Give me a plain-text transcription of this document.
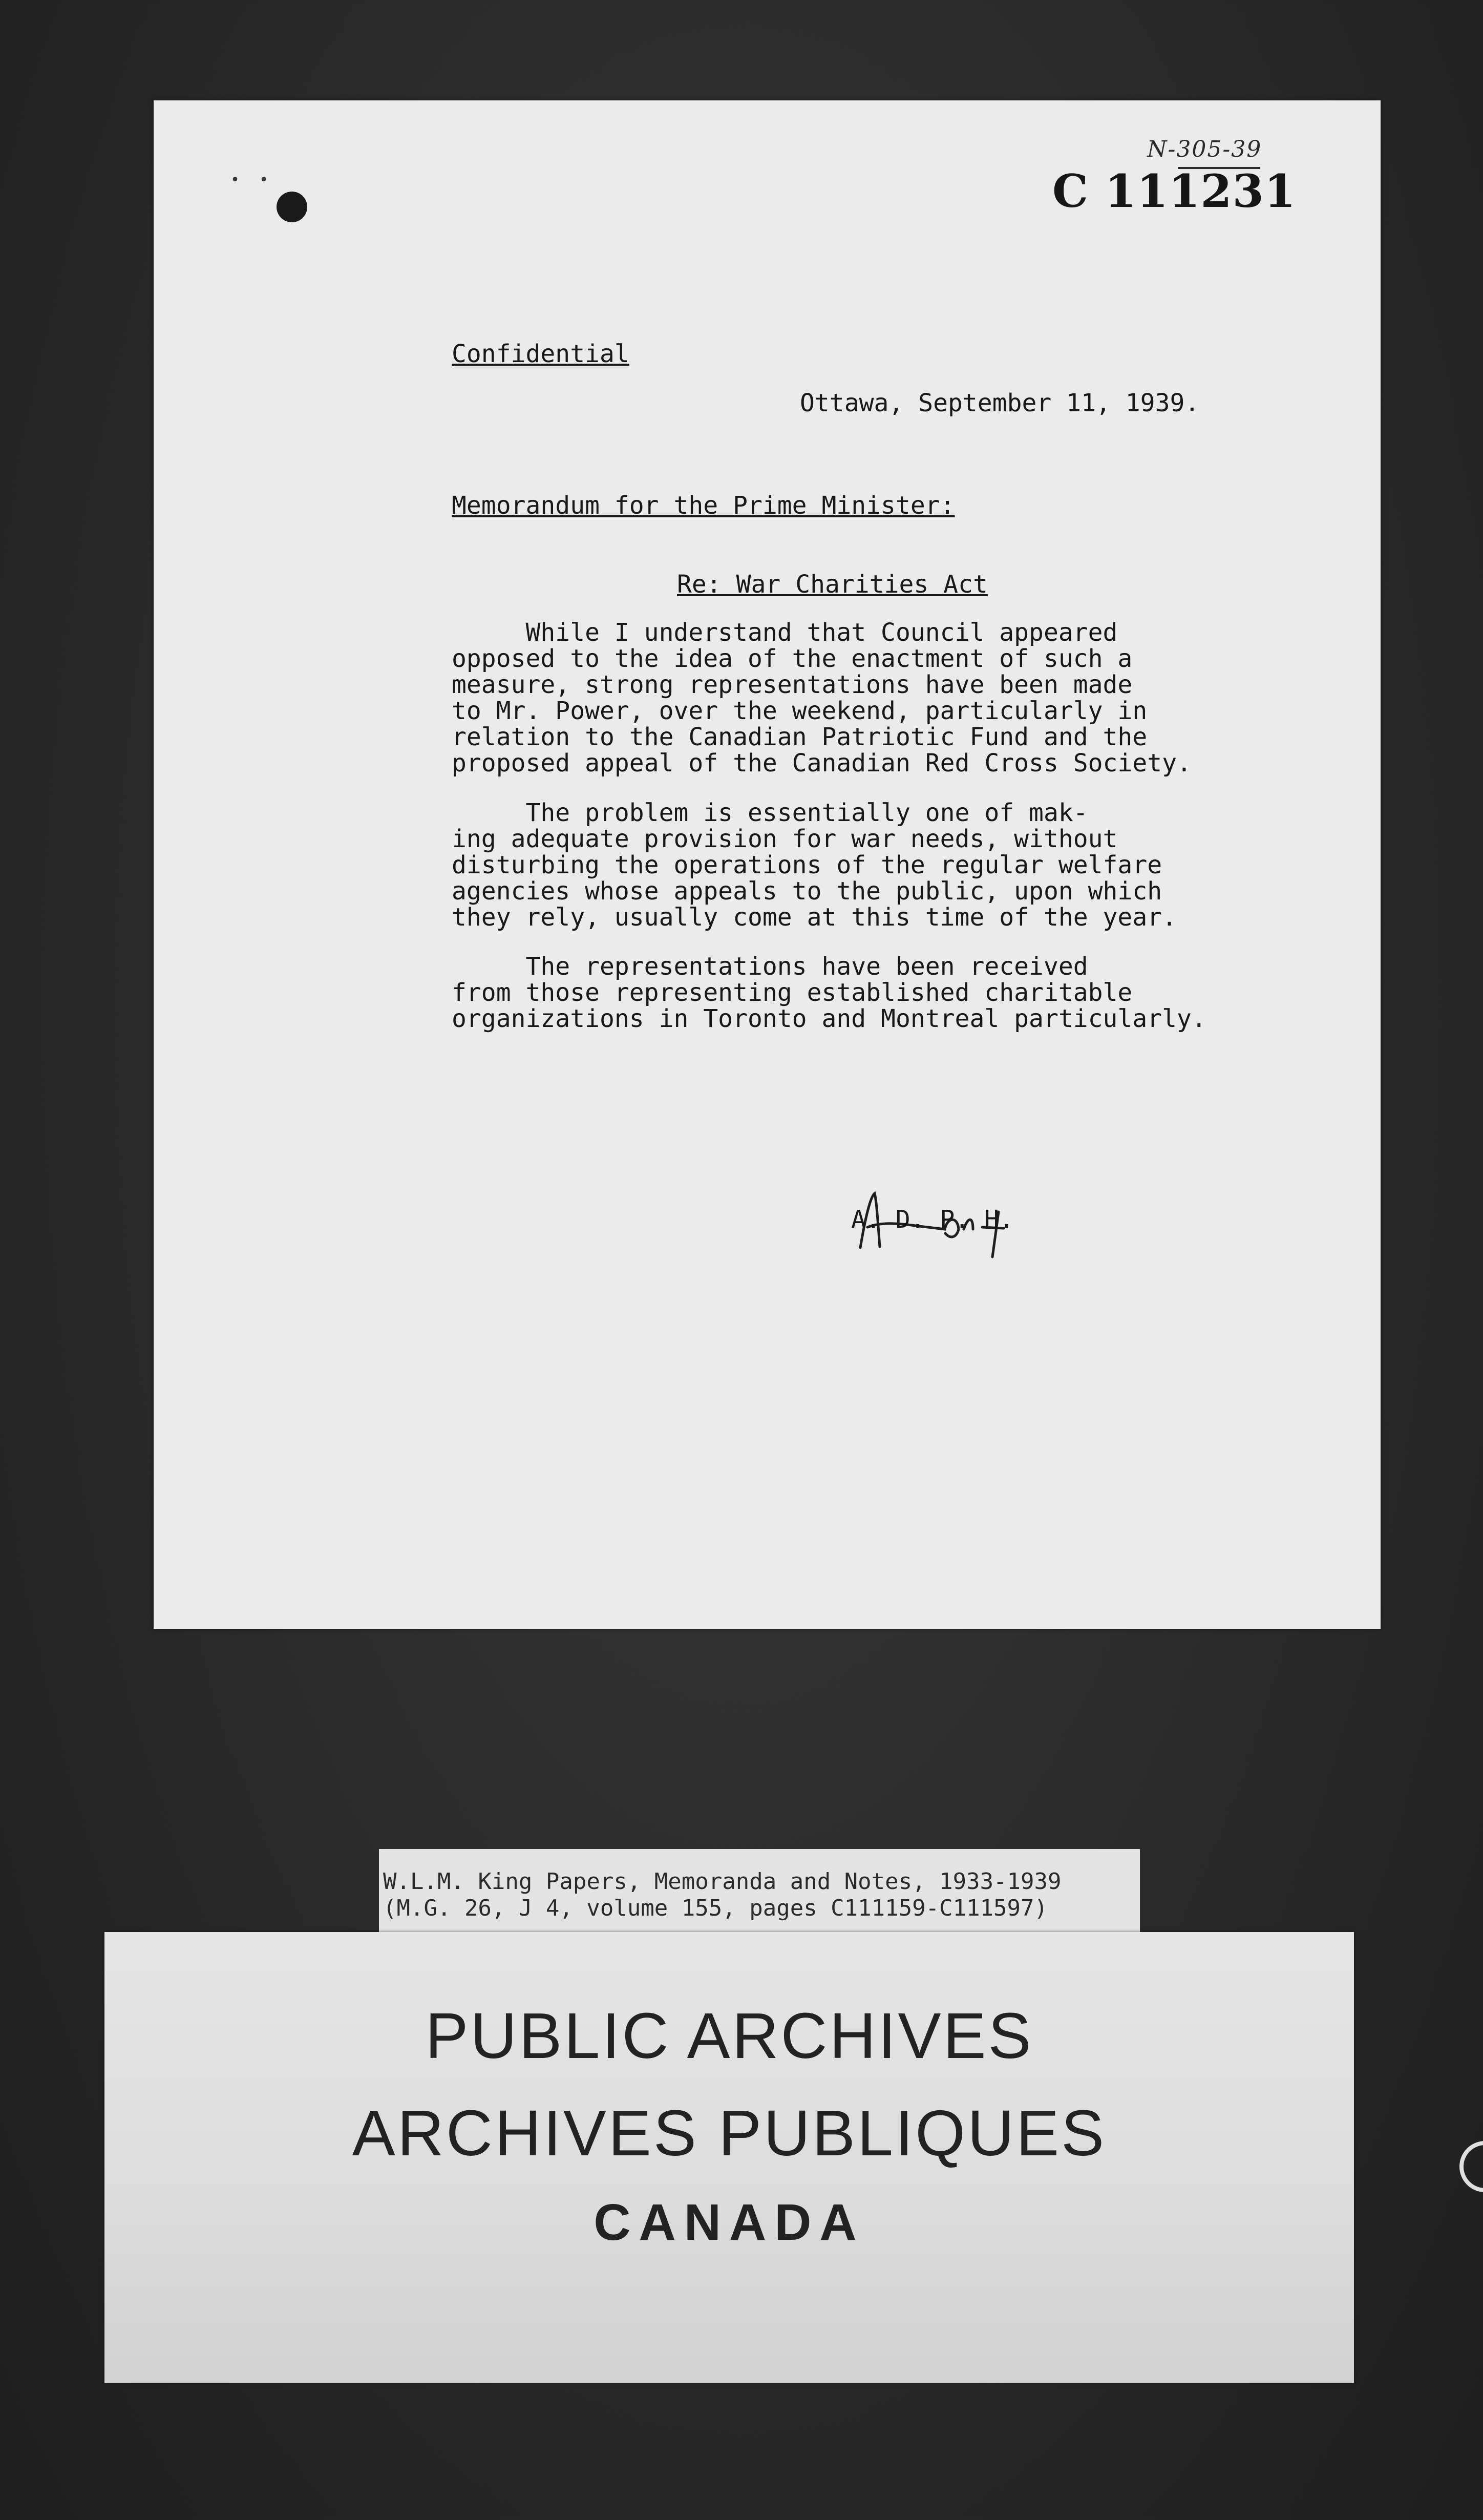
• •
N-305-39
C 111231
Confidential
Ottawa, September 11, 1939.
Memorandum for the Prime Minister:
Re: War Charities Act
While I understand that Council appeared
opposed to the idea of the enactment of such a
measure, strong representations have been made
to Mr. Power, over the weekend, particularly in
relation to the Canadian Patriotic Fund and the
proposed appeal of the Canadian Red Cross Society.
The problem is essentially one of mak-
ing adequate provision for war needs, without
disturbing the operations of the regular welfare
agencies whose appeals to the public, upon which
they rely, usually come at this time of the year.
The representations have been received
from those representing established charitable
organizations in Toronto and Montreal particularly.
A. D. P. H.
W.L.M. King Papers, Memoranda and Notes, 1933-1939
(M.G. 26, J 4, volume 155, pages C111159-C111597)
PUBLIC ARCHIVES
ARCHIVES PUBLIQUES
CANADA
